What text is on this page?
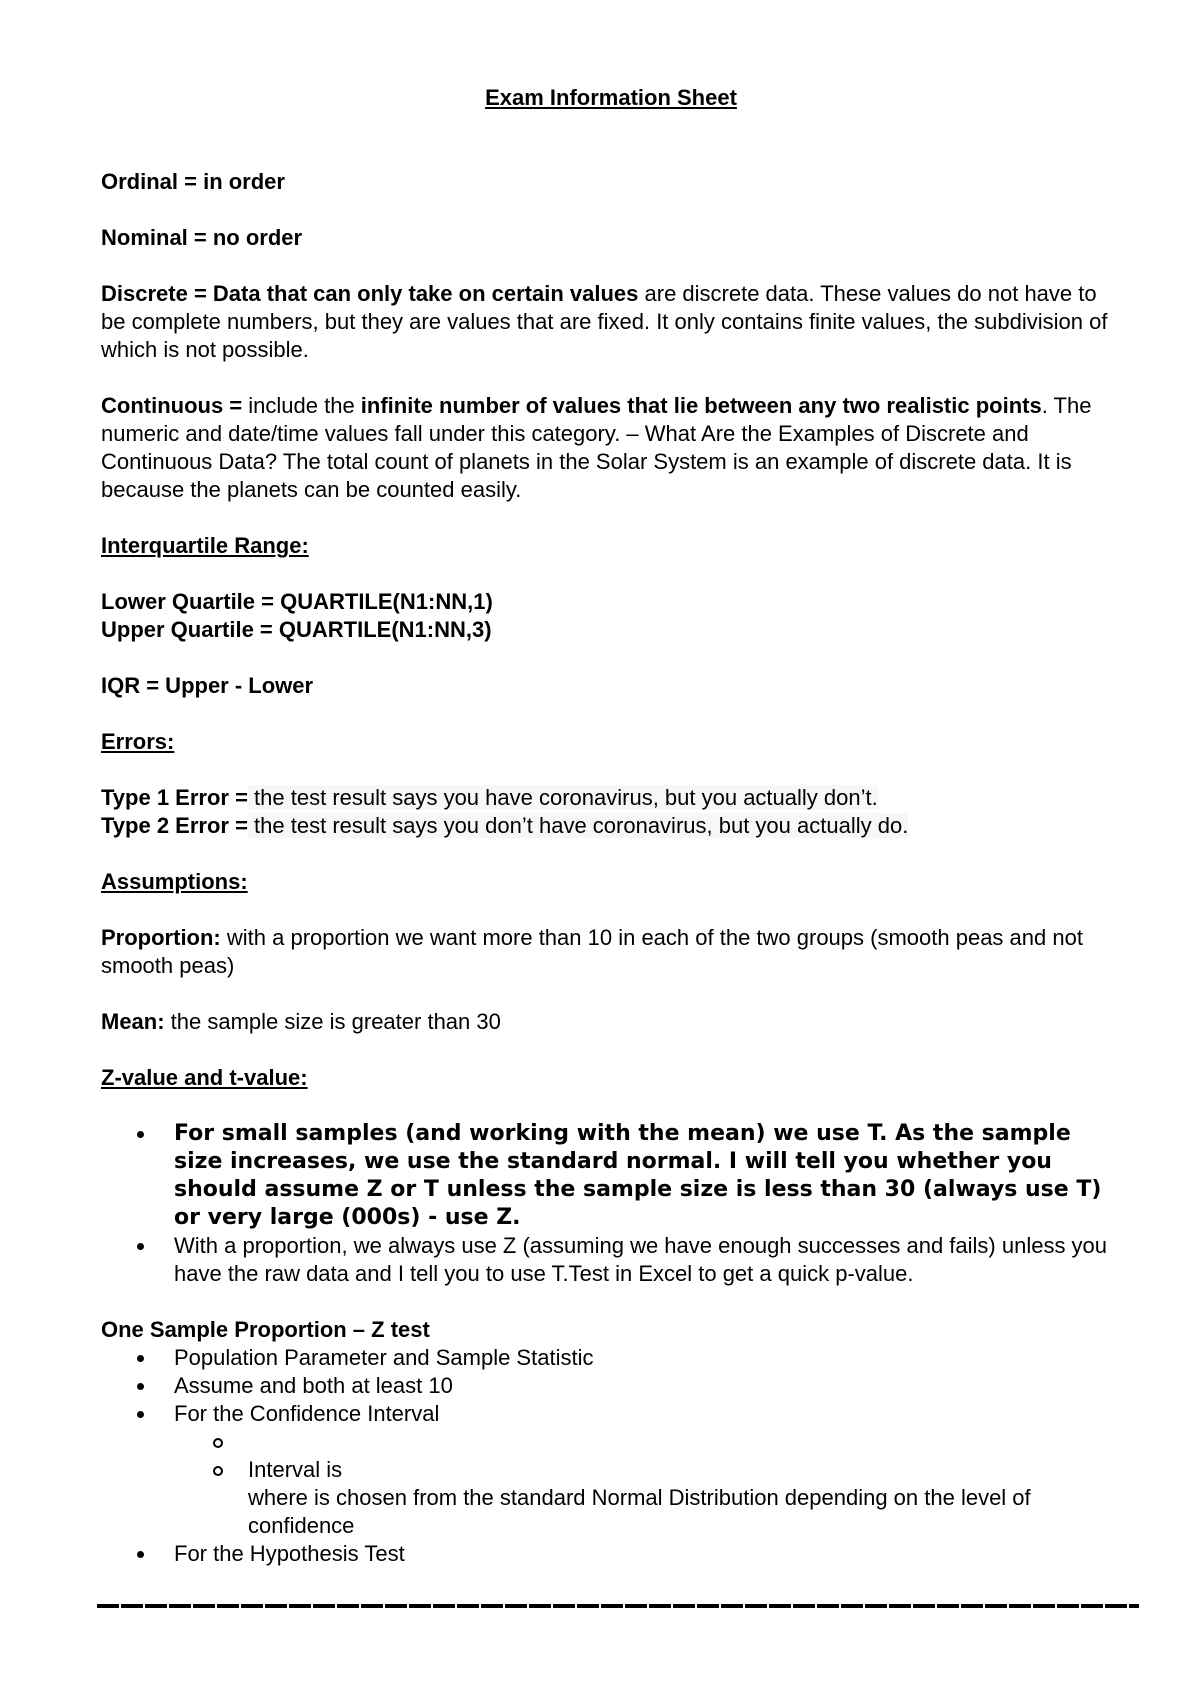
Exam Information Sheet

Ordinal = in order

Nominal = no order

Discrete = Data that can only take on certain values are discrete data. These values do not have to be complete numbers, but they are values that are fixed. It only contains finite values, the subdivision of which is not possible.

Continuous = include the infinite number of values that lie between any two realistic points. The numeric and date/time values fall under this category. – What Are the Examples of Discrete and Continuous Data? The total count of planets in the Solar System is an example of discrete data. It is because the planets can be counted easily.

Interquartile Range:

Lower Quartile = QUARTILE(N1:NN,1)

Upper Quartile = QUARTILE(N1:NN,3)

IQR = Upper - Lower

Errors:

Type 1 Error = the test result says you have coronavirus, but you actually don’t.

Type 2 Error = the test result says you don’t have coronavirus, but you actually do.

Assumptions:

Proportion: with a proportion we want more than 10 in each of the two groups (smooth peas and not smooth peas)

Mean: the sample size is greater than 30

Z-value and t-value:

For small samples (and working with the mean) we use T. As the sample size increases, we use the standard normal. I will tell you whether you should assume Z or T unless the sample size is less than 30 (always use T) or very large (000s) - use Z.
With a proportion, we always use Z (assuming we have enough successes and fails) unless you have the raw data and I tell you to use T.Test in Excel to get a quick p-value.
One Sample Proportion – Z test
Population Parameter and Sample Statistic
Assume and both at least 10
For the Confidence Interval
Interval is
where is chosen from the standard Normal Distribution depending on the level of confidence
For the Hypothesis Test
